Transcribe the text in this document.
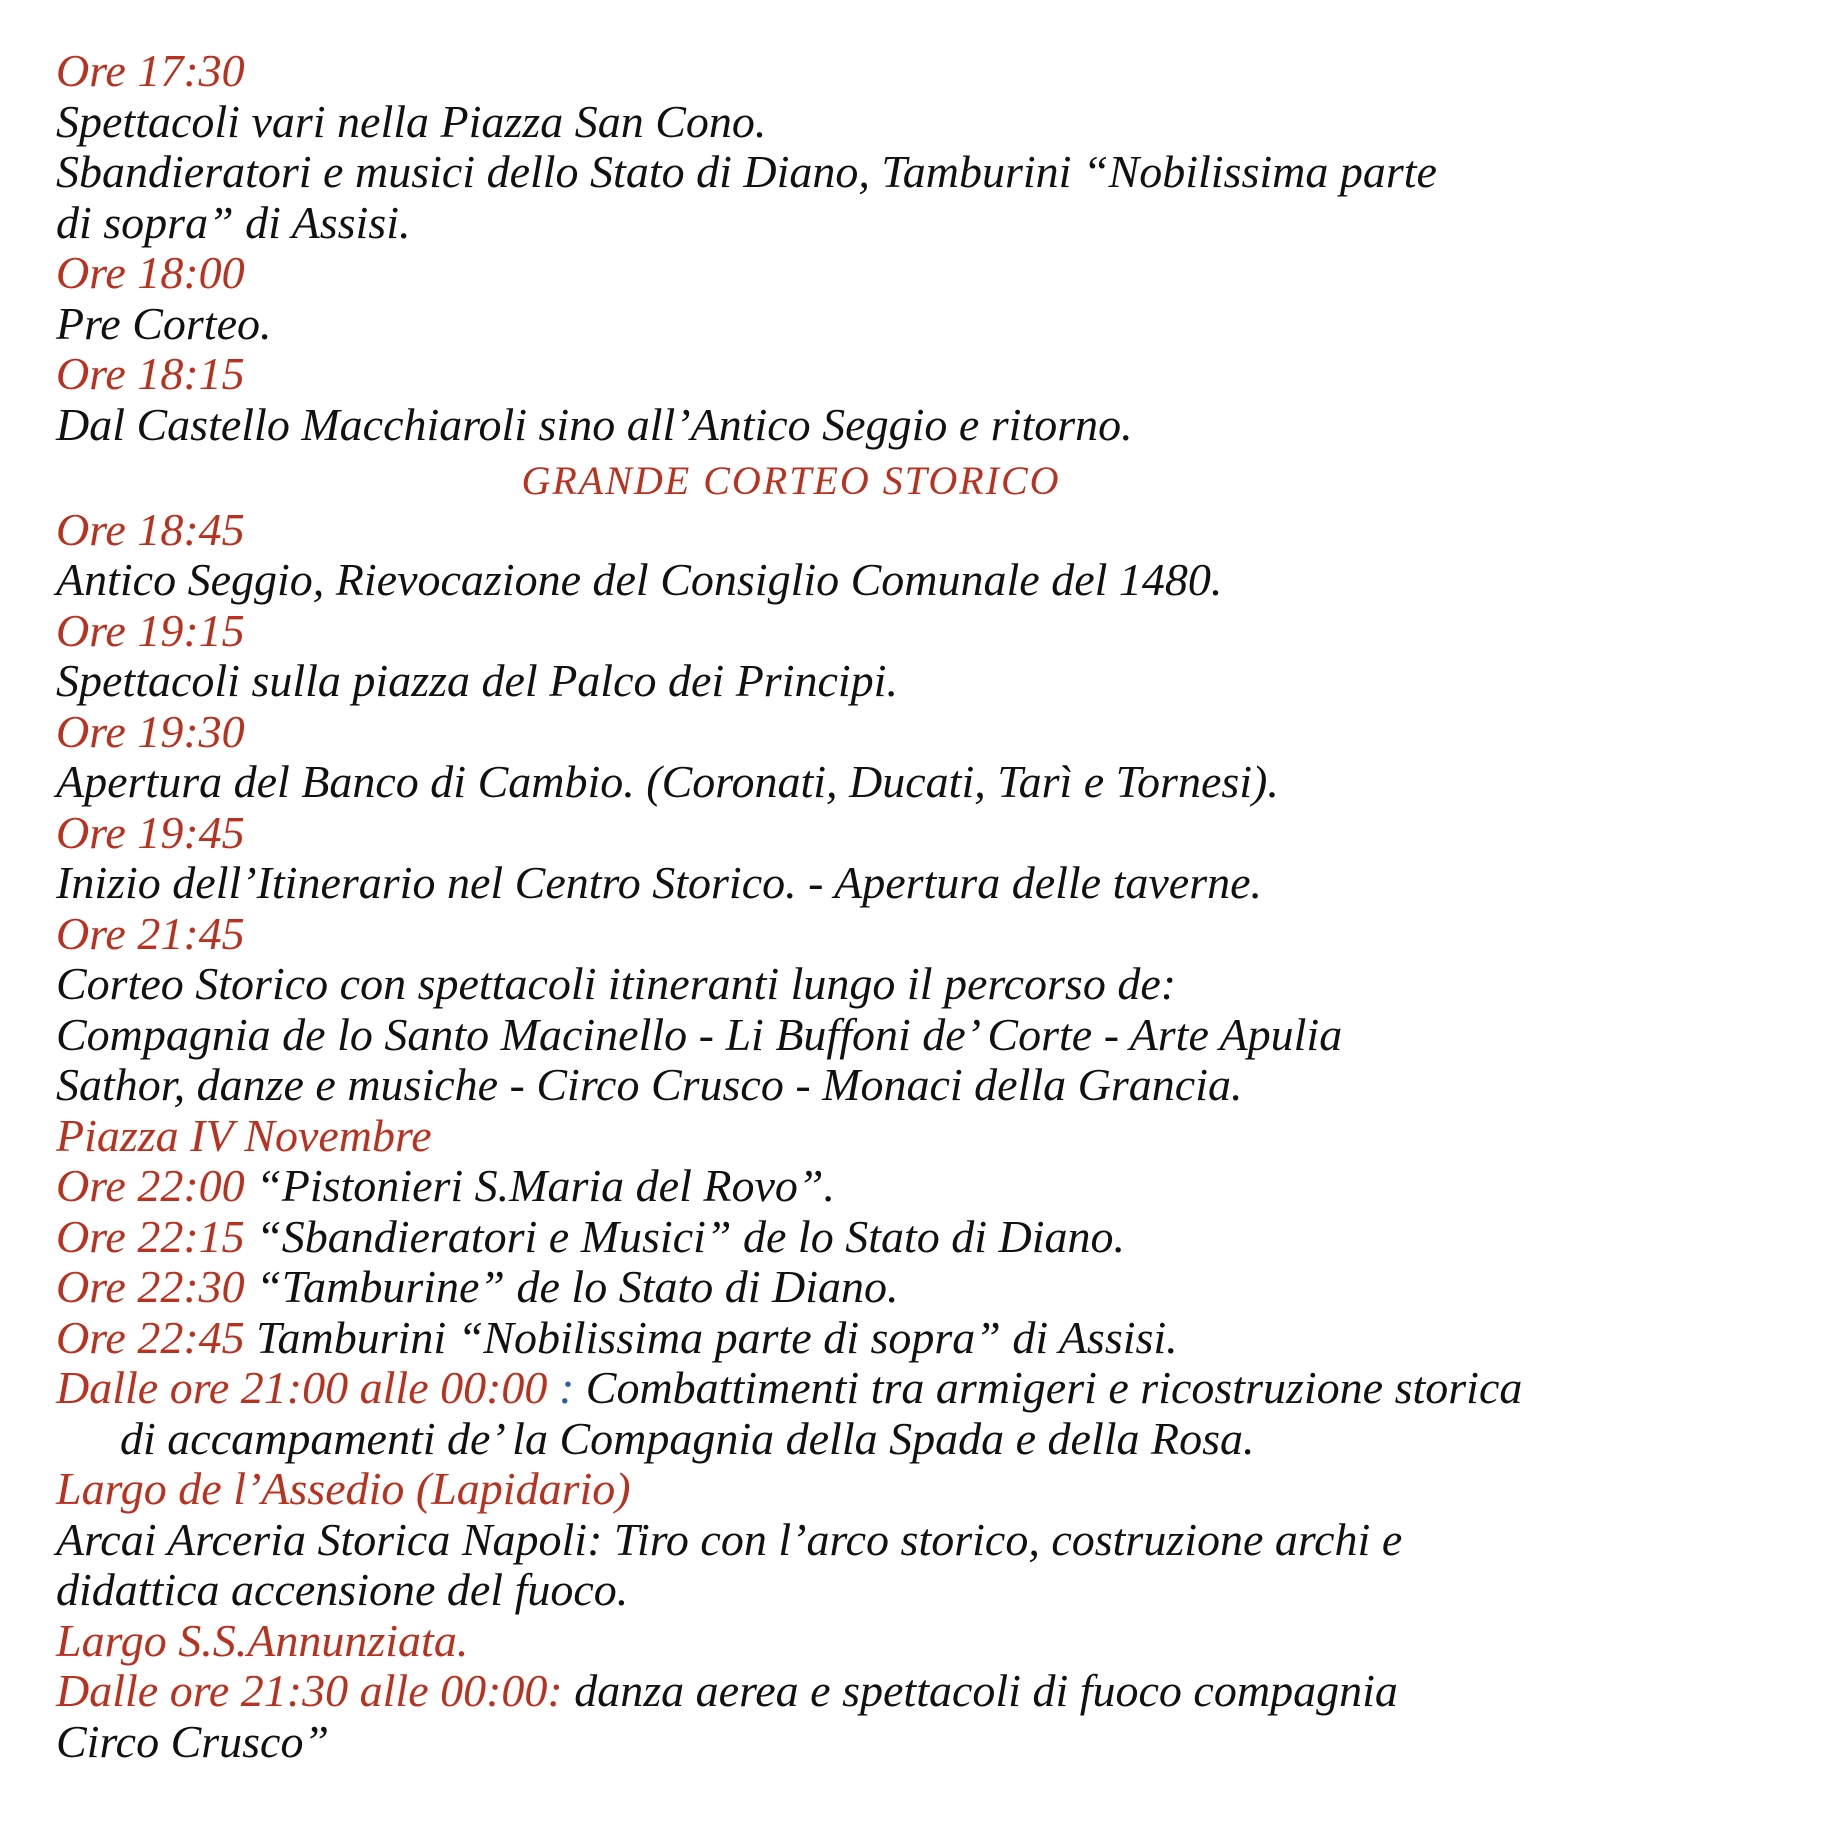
Ore 17:30
Spettacoli vari nella Piazza San Cono.
Sbandieratori e musici dello Stato di Diano, Tamburini “Nobilissima parte
di sopra” di Assisi.
Ore 18:00
Pre Corteo.
Ore 18:15
Dal Castello Macchiaroli sino all’Antico Seggio e ritorno.
GRANDE CORTEO STORICO
Ore 18:45
Antico Seggio, Rievocazione del Consiglio Comunale del 1480.
Ore 19:15
Spettacoli sulla piazza del Palco dei Principi.
Ore 19:30
Apertura del Banco di Cambio. (Coronati, Ducati, Tarì e Tornesi).
Ore 19:45
Inizio dell’Itinerario nel Centro Storico. - Apertura delle taverne.
Ore 21:45
Corteo Storico con spettacoli itineranti lungo il percorso de:
Compagnia de lo Santo Macinello - Li Buffoni de’ Corte - Arte Apulia
Sathor, danze e musiche - Circo Crusco - Monaci della Grancia.
Piazza IV Novembre
Ore 22:00 “Pistonieri S.Maria del Rovo”.
Ore 22:15 “Sbandieratori e Musici” de lo Stato di Diano.
Ore 22:30 “Tamburine” de lo Stato di Diano.
Ore 22:45 Tamburini “Nobilissima parte di sopra” di Assisi.
Dalle ore 21:00 alle 00:00 : Combattimenti tra armigeri e ricostruzione storica
di accampamenti de’ la Compagnia della Spada e della Rosa.
Largo de l’Assedio (Lapidario)
Arcai Arceria Storica Napoli: Tiro con l’arco storico, costruzione archi e
didattica accensione del fuoco.
Largo S.S.Annunziata.
Dalle ore 21:30 alle 00:00: danza aerea e spettacoli di fuoco compagnia
Circo Crusco”
